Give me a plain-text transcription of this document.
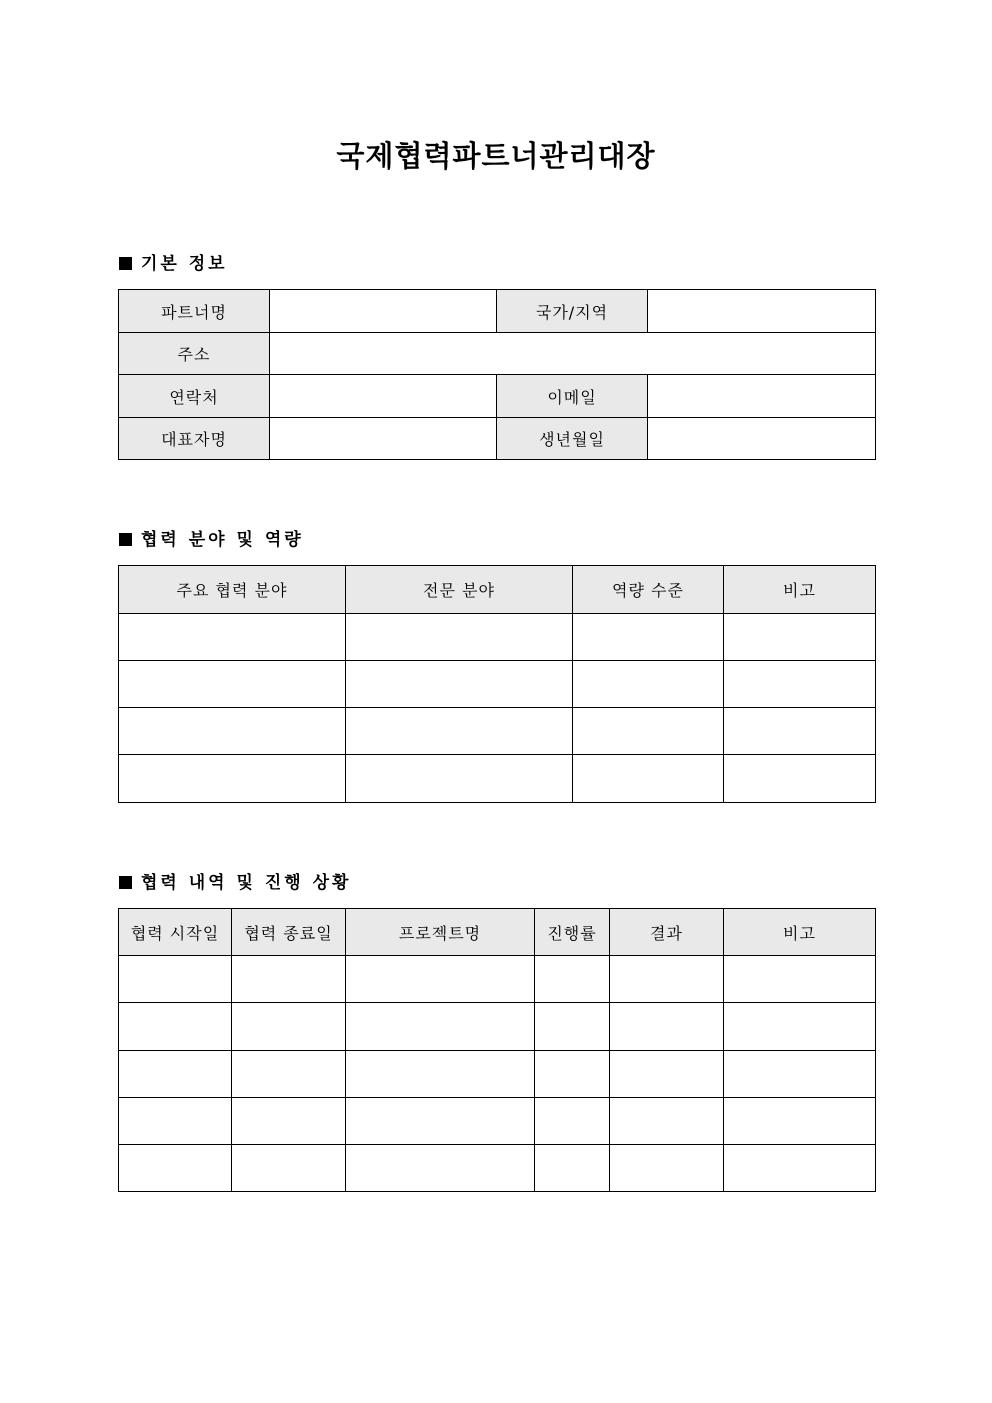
국제협력파트너관리대장
기본 정보
파트너명		국가/지역	
주소			
연락처		이메일	
대표자명		생년월일	
협력 분야 및 역량
주요 협력 분야	전문 분야	역량 수준	비고

협력 내역 및 진행 상황
협력 시작일	협력 종료일	프로젝트명	진행률	결과	비고
